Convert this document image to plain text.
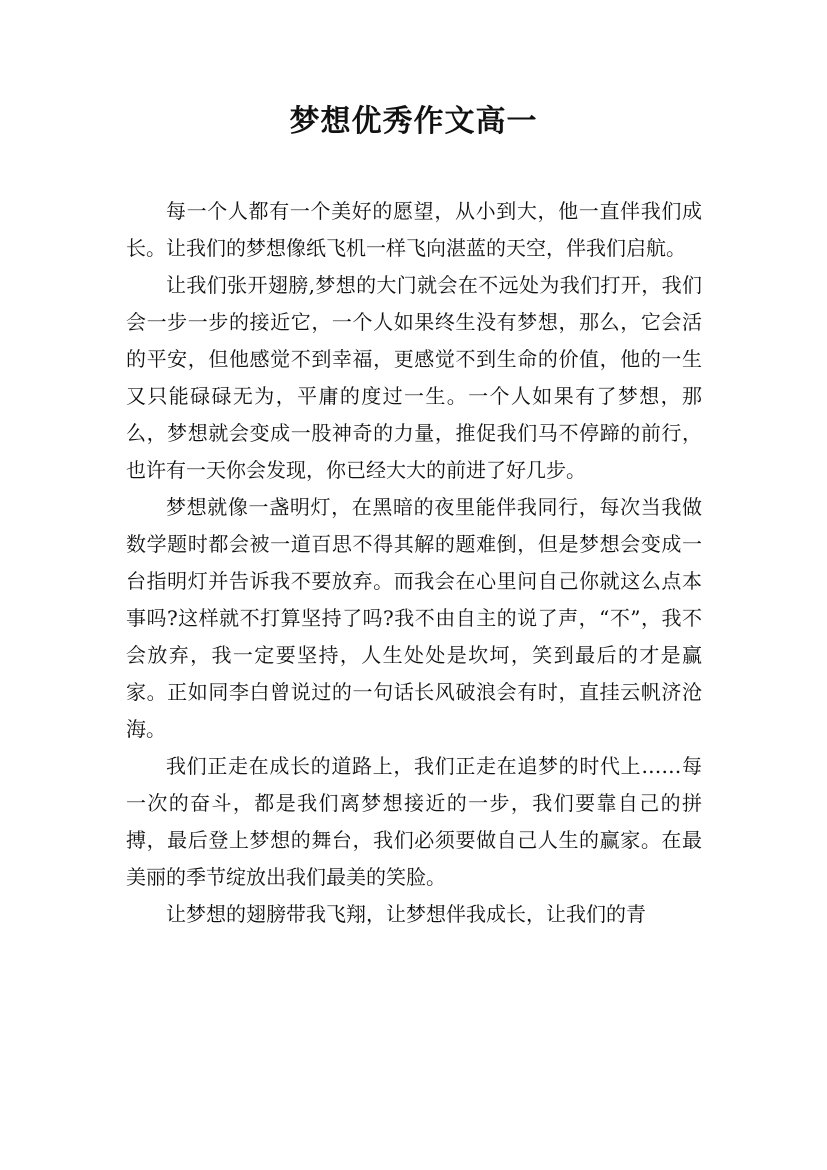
梦想优秀作文高一

每一个人都有一个美好的愿望，从小到大，他一直伴我们成长。让我们的梦想像纸飞机一样飞向湛蓝的天空，伴我们启航。

让我们张开翅膀,梦想的大门就会在不远处为我们打开，我们会一步一步的接近它，一个人如果终生没有梦想，那么，它会活的平安，但他感觉不到幸福，更感觉不到生命的价值，他的一生又只能碌碌无为，平庸的度过一生。一个人如果有了梦想，那么，梦想就会变成一股神奇的力量，推促我们马不停蹄的前行，也许有一天你会发现，你已经大大的前进了好几步。

梦想就像一盏明灯，在黑暗的夜里能伴我同行，每次当我做数学题时都会被一道百思不得其解的题难倒，但是梦想会变成一台指明灯并告诉我不要放弃。而我会在心里问自己你就这么点本事吗?这样就不打算坚持了吗?我不由自主的说了声，“不”，我不会放弃，我一定要坚持，人生处处是坎坷，笑到最后的才是赢家。正如同李白曾说过的一句话长风破浪会有时，直挂云帆济沧海。

我们正走在成长的道路上，我们正走在追梦的时代上……每一次的奋斗，都是我们离梦想接近的一步，我们要靠自己的拼搏，最后登上梦想的舞台，我们必须要做自己人生的赢家。在最美丽的季节绽放出我们最美的笑脸。

让梦想的翅膀带我飞翔，让梦想伴我成长，让我们的青
